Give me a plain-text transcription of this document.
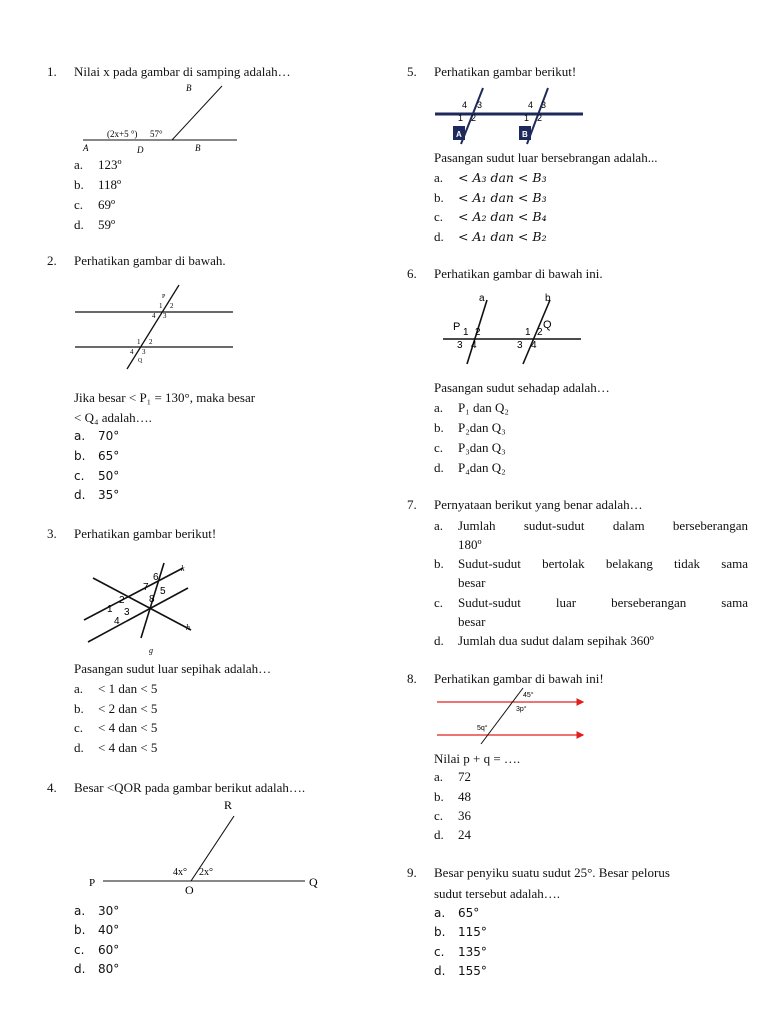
1. Nilai x pada gambar di samping adalah…
B
(2x+5 °) 57°
A	D	B
a. 123º
b. 118º
c. 69º
d. 59º
2. Perhatikan gambar di bawah.
P
1 2
4 3
1 2
4 3
Q
Jika besar < P₁ = 130°, maka besar
< Q₄ adalah….
a. 70°
b. 65°
c. 50°
d. 35°
3. Perhatikan gambar berikut!
6
7 5
8
2
1 3
4
k
h
g
Pasangan sudut luar sepihak adalah…
a. < 1 dan < 5
b. < 2 dan < 5
c. < 4 dan < 5
d. < 4 dan < 5
4. Besar <QOR pada gambar berikut adalah….
R
P	Q
O
4x° 2x°
a. 30°
b. 40°
c. 60°
d. 80°
5. Perhatikan gambar berikut!
4 3
1 2
4 3
1 2
A	B
Pasangan sudut luar bersebrangan adalah...
a. < A₃ dan < B₃
b. < A₁ dan < B₃
c. < A₂ dan < B₄
d. < A₁ dan < B₂
6. Perhatikan gambar di bawah ini.
a	b
P	Q
1 2
3 4
1 2
3 4
Pasangan sudut sehadap adalah…
a. P₁ dan Q₂
b. P₂dan Q₃
c. P₃dan Q₃
d. P₄dan Q₂
7. Pernyataan berikut yang benar adalah…
a. Jumlah sudut-sudut dalam berseberangan
180º
b. Sudut-sudut bertolak belakang tidak sama
besar
c. Sudut-sudut luar berseberangan sama
besar
d. Jumlah dua sudut dalam sepihak 360º
8. Perhatikan gambar di bawah ini!
45°
3p°
5q°
Nilai p + q = ….
a. 72
b. 48
c. 36
d. 24
9. Besar penyiku suatu sudut 25°. Besar pelorus
sudut tersebut adalah….
a. 65°
b. 115°
c. 135°
d. 155°
